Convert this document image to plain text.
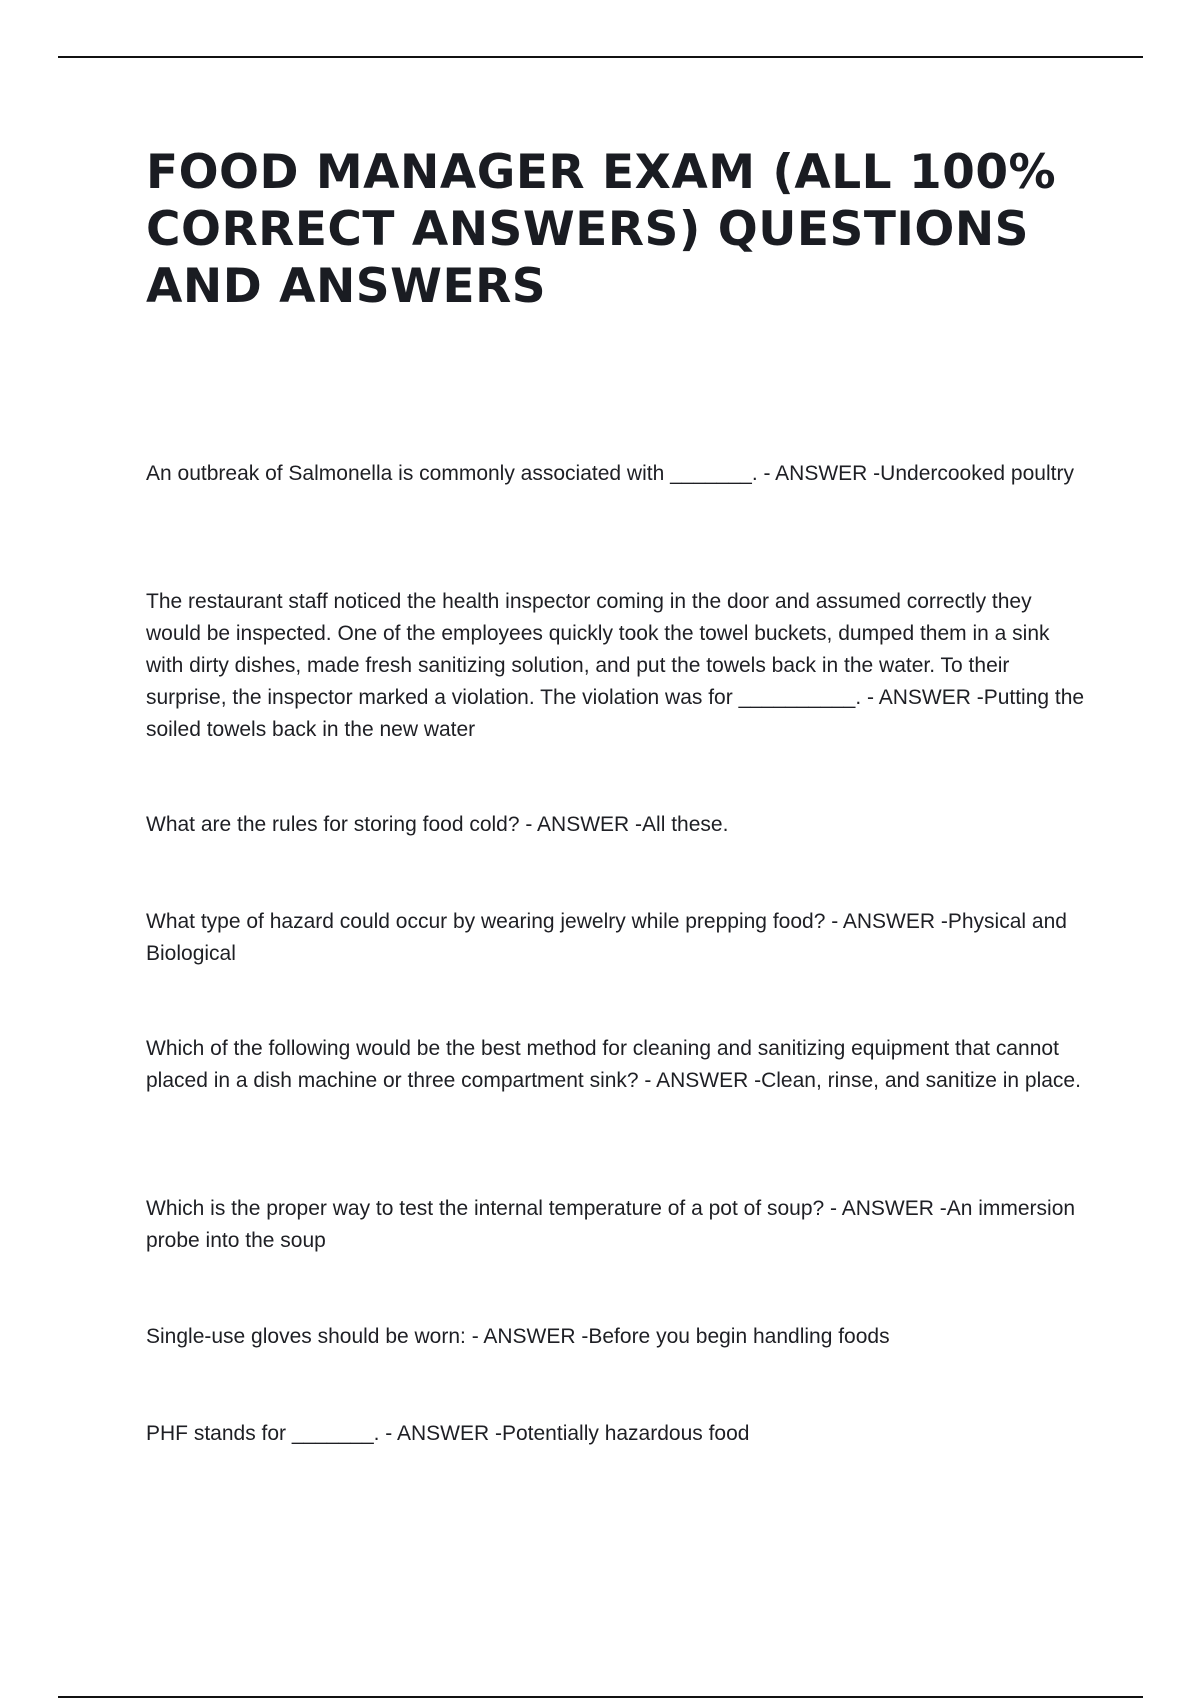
FOOD MANAGER EXAM (ALL 100% CORRECT ANSWERS) QUESTIONS AND ANSWERS

An outbreak of Salmonella is commonly associated with _______. - ANSWER -Undercooked poultry

The restaurant staff noticed the health inspector coming in the door and assumed correctly they would be inspected. One of the employees quickly took the towel buckets, dumped them in a sink with dirty dishes, made fresh sanitizing solution, and put the towels back in the water. To their surprise, the inspector marked a violation. The violation was for __________. - ANSWER -Putting the soiled towels back in the new water

What are the rules for storing food cold? - ANSWER -All these.

What type of hazard could occur by wearing jewelry while prepping food? - ANSWER -Physical and Biological

Which of the following would be the best method for cleaning and sanitizing equipment that cannot placed in a dish machine or three compartment sink? - ANSWER -Clean, rinse, and sanitize in place.

Which is the proper way to test the internal temperature of a pot of soup? - ANSWER -An immersion probe into the soup

Single-use gloves should be worn: - ANSWER -Before you begin handling foods

PHF stands for _______. - ANSWER -Potentially hazardous food
